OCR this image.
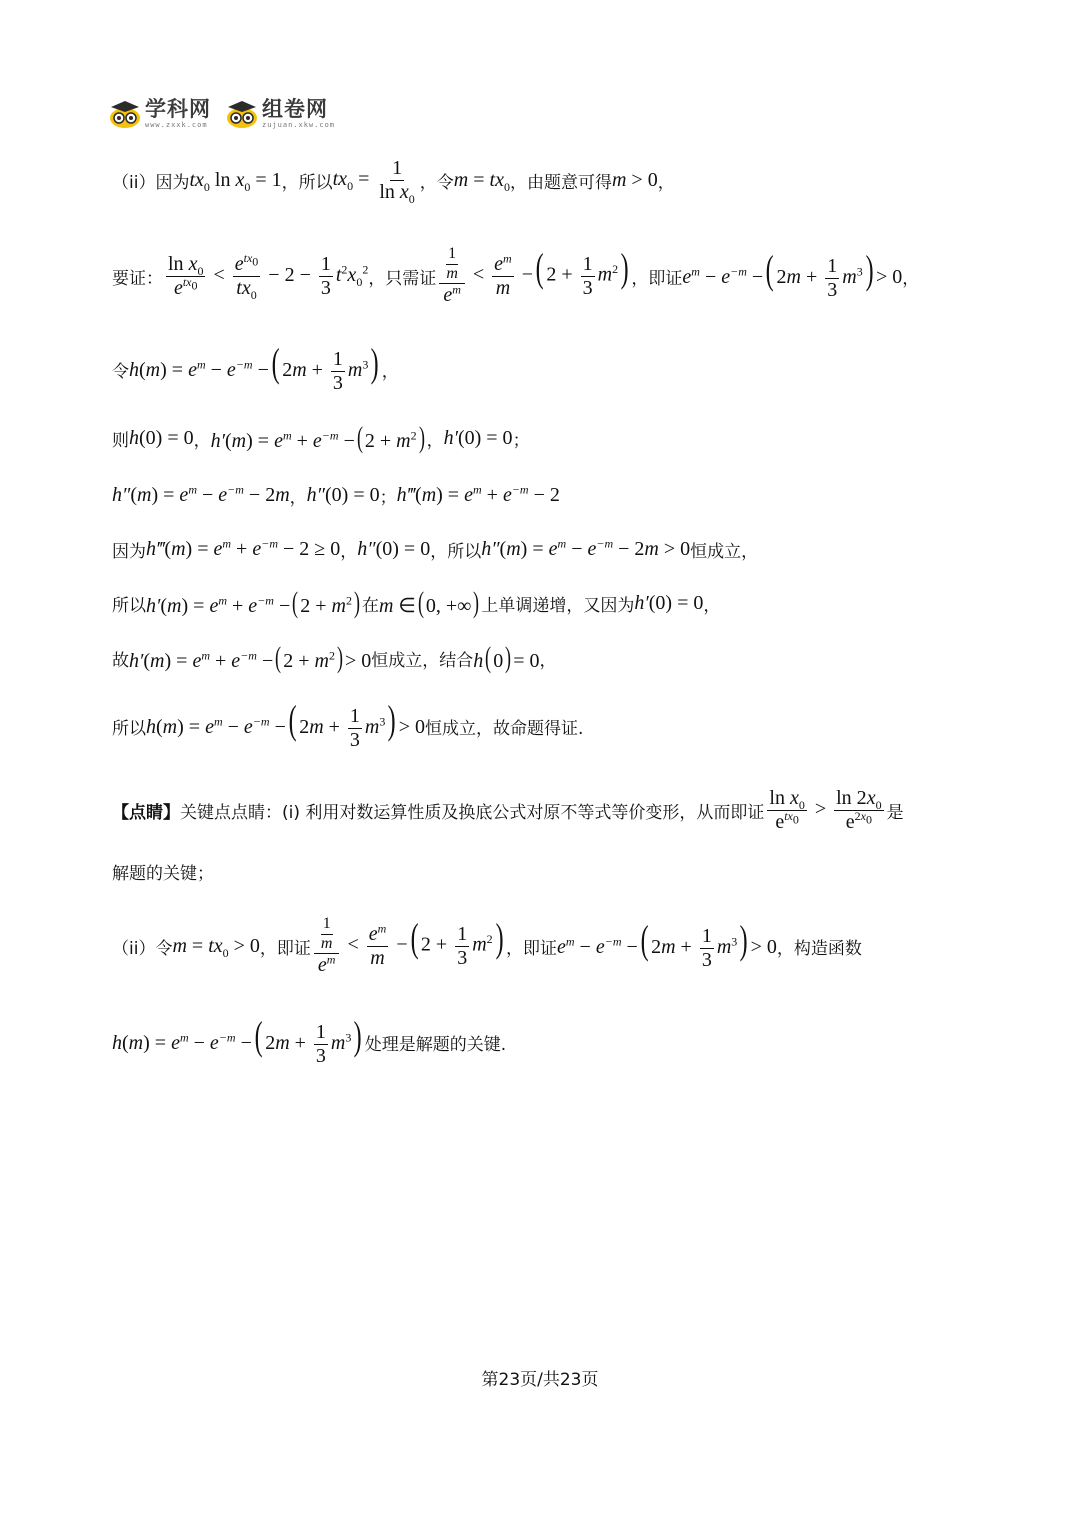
学科网
www.zxxk.com
组卷网
zujuan.xkw.com
（ii）因为 $tx_0$ $\ln x_0 = 1$ ，所以 $tx_0 = \frac{1}{\ln x_0}$ ，令 $m = tx_0$ ，由题意可得 m > 0 ，
要证： $\frac{\ln x_0}{e^{tx_0}} < \frac{e^{tx_0}}{tx_0} - 2 - \frac{1}{3} t^2x_0^2$ ，只需证 $\frac{\frac{1}{m}}{e^m} < \frac{e^m}{m}$ −( $2 + \frac{1}{3} m^2$) ，即证 $e^m - e^{-m}$ −( $2m + \frac{1}{3} m^3) > 0$ ，
令 $h(m) = e^m - e^{-m}$ −( $2m + \frac{1}{3} m^3$) ，
则 h(0) = 0 ， $h'(m) = e^m + e^{-m}$ −( $2 + m^2$) ， h′(0) = 0 ；
$h''(m) = e^m - e^{-m} - 2m$ ， h″(0) = 0 ； h‴(m) = $e^m + e^{-m} - 2$
因为 h‴(m) = $e^m + e^{-m} - 2 \ge 0$ ， h″(0) = 0 ，所以 $h''(m) = e^m - e^{-m} - 2m > 0$ 恒成立，
所以 $h'(m) = e^m + e^{-m}$ −( $2 + m^2$) 在 m ∈( 0, +∞) 上单调递增，又因为 h′(0) = 0 ，
故 $h'(m) = e^m + e^{-m}$ −( $2 + m^2) > 0$ 恒成立，结合 h( 0) = 0 ，
所以 $h(m) = e^m - e^{-m}$ −( $2m + \frac{1}{3} m^3) > 0$ 恒成立，故命题得证.
【点睛】 关键点点睛：(i) 利用对数运算性质及换底公式对原不等式等价变形，从而即证 $\frac{\ln x_0}{e^{tx_0}} > \frac{\ln 2x_0}{e^{2x_0}}$ 是
解题的关键；
（ii）令 $m = tx_0 > 0$ ，即证 $\frac{\frac{1}{m}}{e^m} < \frac{e^m}{m}$ −( $2 + \frac{1}{3} m^2$) ，即证 $e^m - e^{-m}$ −( $2m + \frac{1}{3} m^3) > 0$ ，构造函数
$h(m) = e^m - e^{-m}$ −( $2m + \frac{1}{3} m^3$) 处理是解题的关键.
第23页/共23页
